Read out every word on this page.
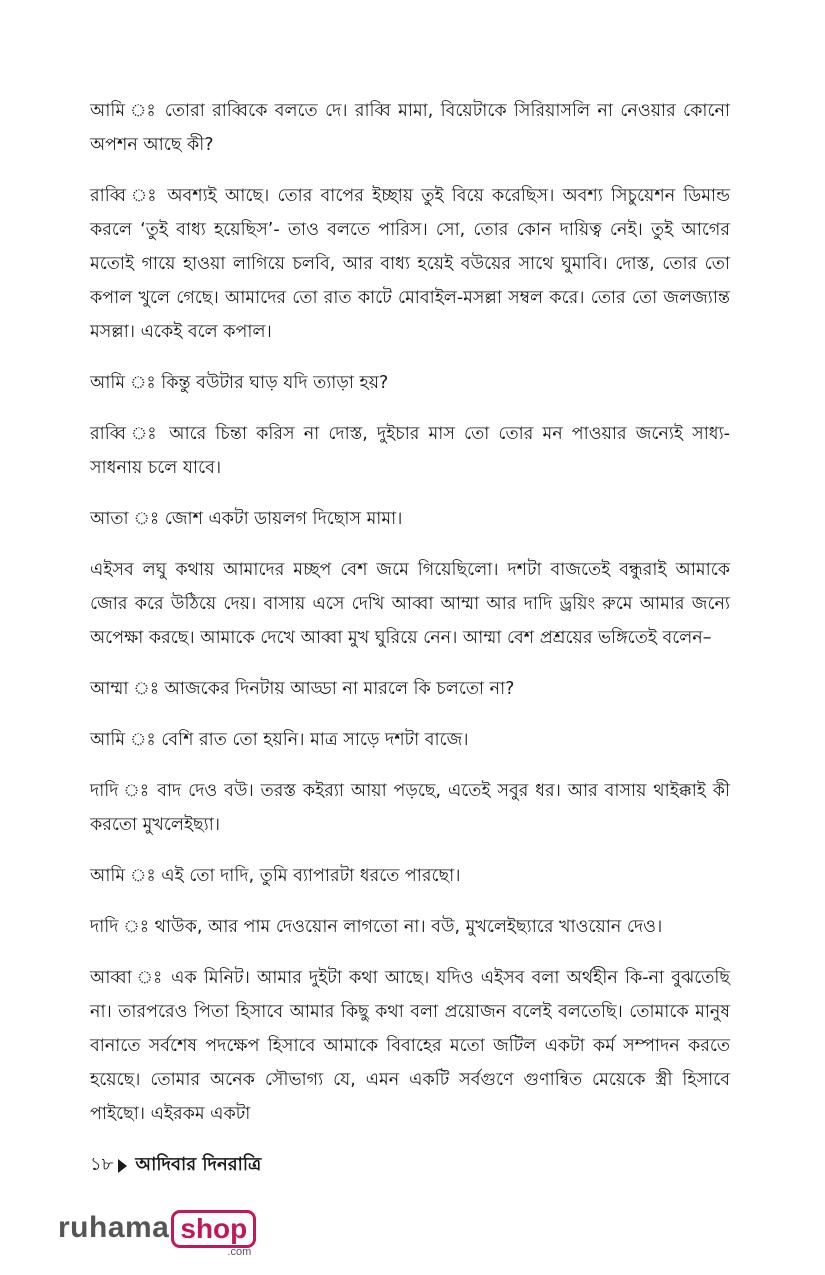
আমি ঃ তোরা রাব্বিকে বলতে দে। রাব্বি মামা, বিয়েটাকে সিরিয়াসলি না নেওয়ার কোনো অপশন আছে কী?

রাব্বি ঃ অবশ্যই আছে। তোর বাপের ইচ্ছায় তুই বিয়ে করেছিস। অবশ্য সিচুয়েশন ডিমান্ড করলে ‘তুই বাধ্য হয়েছিস’- তাও বলতে পারিস। সো, তোর কোন দায়িত্ব নেই। তুই আগের মতোই গায়ে হাওয়া লাগিয়ে চলবি, আর বাধ্য হয়েই বউয়ের সাথে ঘুমাবি। দোস্ত, তোর তো কপাল খুলে গেছে। আমাদের তো রাত কাটে মোবাইল-মসল্লা সম্বল করে। তোর তো জলজ্যান্ত মসল্লা। একেই বলে কপাল।

আমি ঃ কিন্তু বউটার ঘাড় যদি ত্যাড়া হয়?

রাব্বি ঃ আরে চিন্তা করিস না দোস্ত, দুইচার মাস তো তোর মন পাওয়ার জন্যেই সাধ্য-সাধনায় চলে যাবে।

আতা ঃ জোশ একটা ডায়লগ দিছোস মামা।

এইসব লঘু কথায় আমাদের মচ্ছপ বেশ জমে গিয়েছিলো। দশটা বাজতেই বন্ধুরাই আমাকে জোর করে উঠিয়ে দেয়। বাসায় এসে দেখি আব্বা আম্মা আর দাদি ড্রয়িং রুমে আমার জন্যে অপেক্ষা করছে। আমাকে দেখে আব্বা মুখ ঘুরিয়ে নেন। আম্মা বেশ প্রশ্রয়ের ভঙ্গিতেই বলেন–

আম্মা ঃ আজকের দিনটায় আড্ডা না মারলে কি চলতো না?

আমি ঃ বেশি রাত তো হয়নি। মাত্র সাড়ে দশটা বাজে।

দাদি ঃ বাদ দেও বউ। তরস্ত কইর‍্যা আয়া পড়ছে, এতেই সবুর ধর। আর বাসায় থাইক্কাই কী করতো মুখলেইছ্যা।

আমি ঃ এই তো দাদি, তুমি ব্যাপারটা ধরতে পারছো।

দাদি ঃ থাউক, আর পাম দেওয়োন লাগতো না। বউ, মুখলেইছ্যারে খাওয়োন দেও।

আব্বা ঃ এক মিনিট। আমার দুইটা কথা আছে। যদিও এইসব বলা অর্থহীন কি-না বুঝতেছি না। তারপরেও পিতা হিসাবে আমার কিছু কথা বলা প্রয়োজন বলেই বলতেছি। তোমাকে মানুষ বানাতে সর্বশেষ পদক্ষেপ হিসাবে আমাকে বিবাহের মতো জটিল একটা কর্ম সম্পাদন করতে হয়েছে। তোমার অনেক সৌভাগ্য যে, এমন একটি সর্বগুণে গুণান্বিত মেয়েকে স্ত্রী হিসাবে পাইছো। এইরকম একটা

১৮ আদিবার দিনরাত্রি
ruhama shop
.com
